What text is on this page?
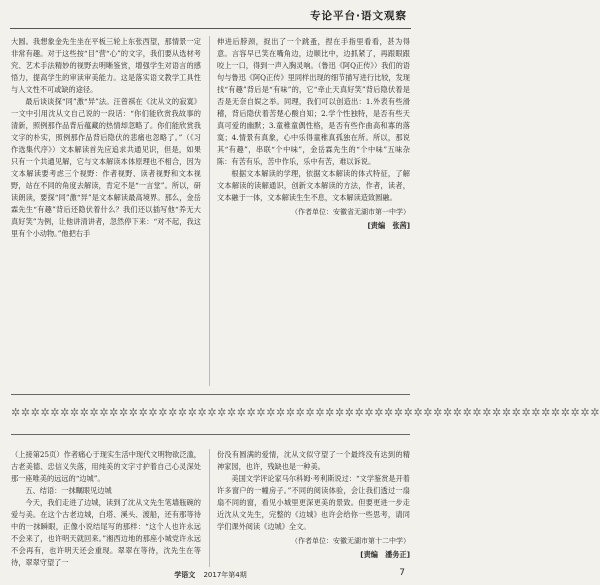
专论平台·语文观察

大圆。我想象金先生坐在平板三轮上东张西望，那情景一定非常有趣。对于这些按“目”营“心”的文字，我们要从选材考究、艺术手法精妙的视野去明晰鉴赏，增强学生对语言的感悟力，提高学生的审读审美能力。这是落实语文教学工具性与人文性不可或缺的途径。

最后谈谈探“同”激“异”法。汪曾祺在《沈从文的寂寞》一文中引用沈从文自己说的一段话：“你们能欣赏我故事的清新，照例那作品背后蕴藏的热情却忽略了。你们能欣赏我文字的朴实，照例那作品背后隐伏的悲痛也忽略了。”（《习作选集代序》）文本解读首先应追求共通见识，但是，如果只有一个共通见解，它与文本解读本体原理也不相合，因为文本解读要考虑三个视野：作者视野、读者视野和文本视野，站在不同的角度去解读，肯定不是“一言堂”。所以，研读朗读，要探“同”激“异”是文本解读最高境界。那么，金岳霖先生“有趣”背后还隐伏着什么？我们还以插写他“养无大真好笑”为例，让他讲清讲者，忽然停下来：“对不起，我这里有个小动物。”他把右手

伸进后脖颈，捉出了一个跳蚤，捏在手指里看看，甚为得意。言容早已笑在嘴角边，边顺比中，边抓紧了，再跟眼跟咬上一口，得到一声入胸灵响。（鲁迅《阿Q正传》）我们的语句与鲁迅《阿Q正传》里同样出现的细节描写进行比较，发现找“有趣”背后是“有味”的，它“牵止天真好笑”背后隐伏着是否是无奈自娱之举。同理，我们可以创造出：1.外表有些滑稽，背后隐伏着苦楚心酸自知；2.学个性独特，是否有些天真可爱的幽默；3.童稚童偶性格，是否有些作曲高和寡的落寞；4.情景有真象，心中乐得童稚真孤独在所。所以，那说其“有趣”，串联“个中味”，金岳霖先生的“个中味”五味杂陈：有苦有乐，苦中作乐，乐中有苦，难以诉说。

根据文本解读的学理，依据文本解读的体式特征，了解文本解读的读解通识，创新文本解读的方法，作者，读者，文本融于一体，文本解读生生不息，文本解读造致圆融。

（作者单位：安徽省无湖市第一中学）
[责编　张茜]
✲✲✲✲✲✲✲✲✲✲✲✲✲✲✲✲✲✲✲✲✲✲✲✲✲✲✲✲✲✲✲✲✲✲✲✲✲✲✲✲✲✲✲✲✲✲✲✲✲✲✲✲✲✲✲✲✲✲✲✲

（上接第25页）作者痛心于现实生活中现代文明物欲泛滥，古老美德、忠信义失落，用纯美的文字寸护着自己心灵深处那一座唯美的远远的“边城”。

五、结语：一抹瞩眼见边城

今天，我们走进了边城，读到了沈从文先生笔墙瓶碗的爱与美。在这个古老边城，白塔、溪头、渡船，还有那等待中的一抹瞬眼，正像小说结尾写的那样：“这个人也许永远不会来了，也许明天就回来。”湘西边地的那座小城党许永远不会再有，也许明天还会重现。翠翠在等待，沈先生在等待，翠翠守望了一

份没有圆满的爱情，沈从文似守望了一个最终没有达到的精神家园，也许，残缺也是一种美。

美国文学评论家马尔科姆·考利斯说过：“文学鉴赏是开着许多窗户的一幢房子。”不同的阅读体验，会让我们透过一扇扇不同的窗，看见小城里更深更美的景致。但要更进一步走近沈从文先生，完整的《边城》也许会给你一些思考，请同学们课外阅读《边城》全文。

（作者单位：安徽无湖市第十二中学）
[责编　潘务正]
学语文 2017年第4期	7
